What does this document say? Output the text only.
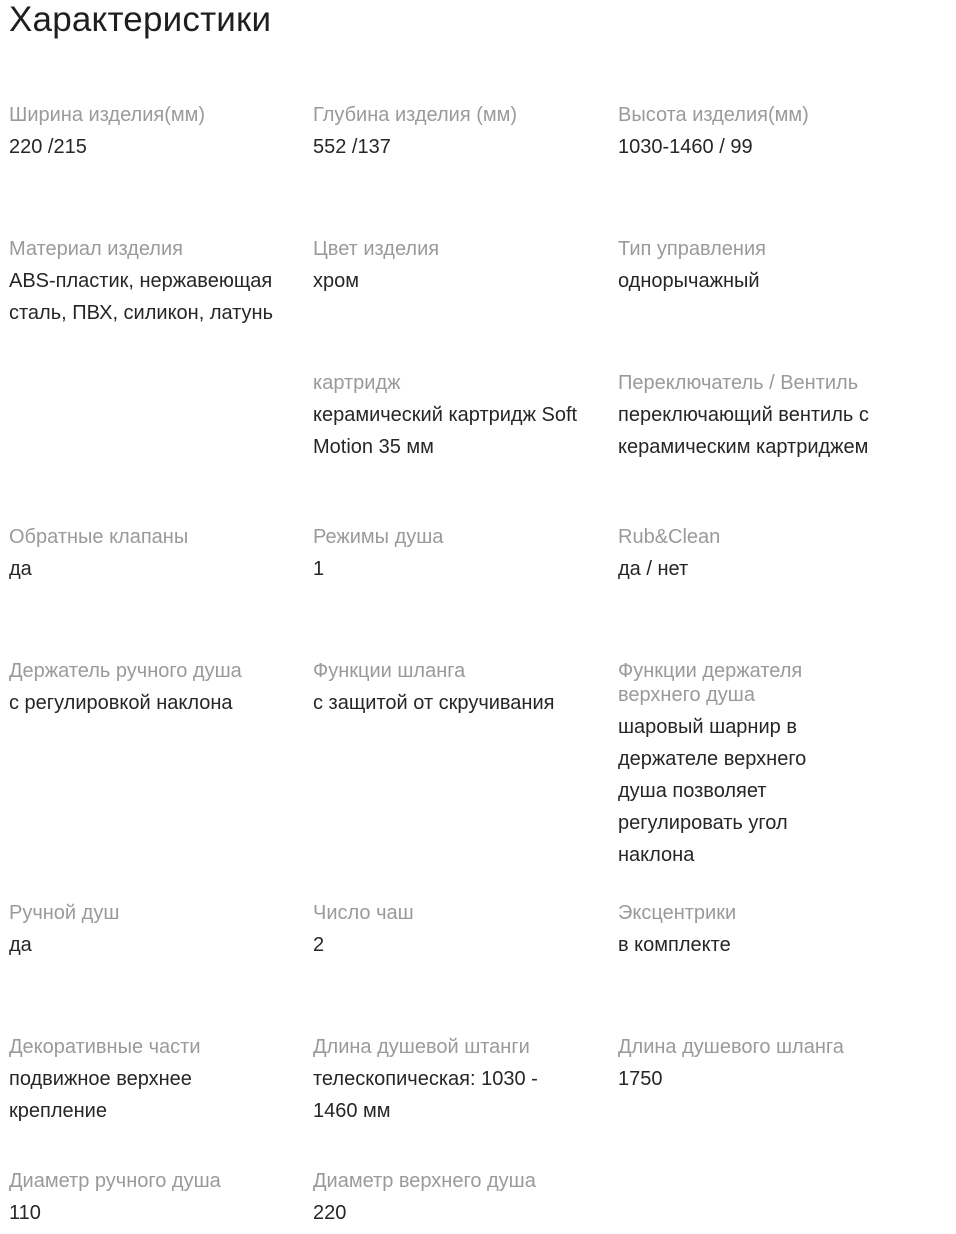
Характеристики

Ширина изделия(мм)

220 /215

Глубина изделия (мм)

552 /137

Высота изделия(мм)

1030-1460 / 99

Материал изделия

ABS-пластик, нержавеющая сталь, ПВХ, силикон, латунь

Цвет изделия

хром

Тип управления

однорычажный

картридж

керамический картридж Soft Motion 35 мм

Переключатель / Вентиль

переключающий вентиль с керамическим картриджем

Обратные клапаны

да

Режимы душа

1

Rub&Clean

да / нет

Держатель ручного душа

с регулировкой наклона

Функции шланга

с защитой от скручивания

Функции держателя верхнего душа

шаровый шарнир в держателе верхнего душа позволяет регулировать угол наклона

Ручной душ

да

Число чаш

2

Эксцентрики

в комплекте

Декоративные части

подвижное верхнее крепление

Длина душевой штанги

телескопическая: 1030 - 1460 мм

Длина душевого шланга

1750

Диаметр ручного душа

110

Диаметр верхнего душа

220
